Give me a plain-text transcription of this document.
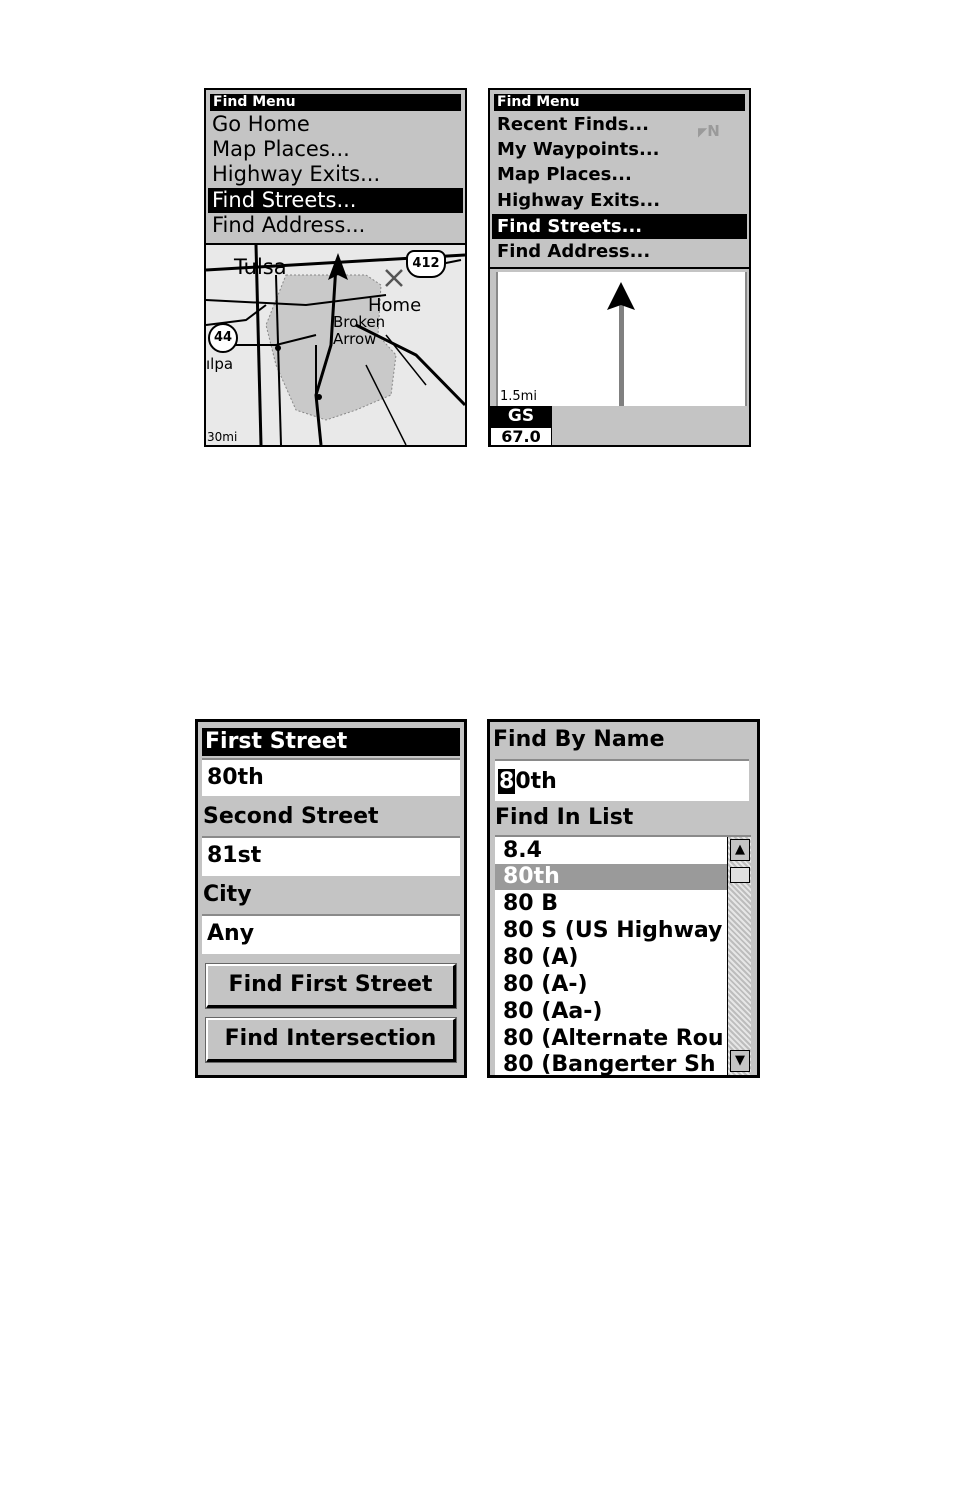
412
44
Tulsa
Home
Broken
Arrow
ılpa
30mi
Find Menu
Go Home
Map Places...
Highway Exits...
Find Streets...
Find Address...
Find Menu
◤N
Recent Finds...
My Waypoints...
Map Places...
Highway Exits...
Find Streets...
Find Address...
1.5mi
GS
67.0
First Street
80th
Second Street
81st
City
Any
Find First Street
Find Intersection
Find By Name
80th
Find In List
8.4
80th
80 B
80 S (US Highway
80 (A)
80 (A-)
80 (Aa-)
80 (Alternate Rou
80 (Bangerter Sh
▲
▼
